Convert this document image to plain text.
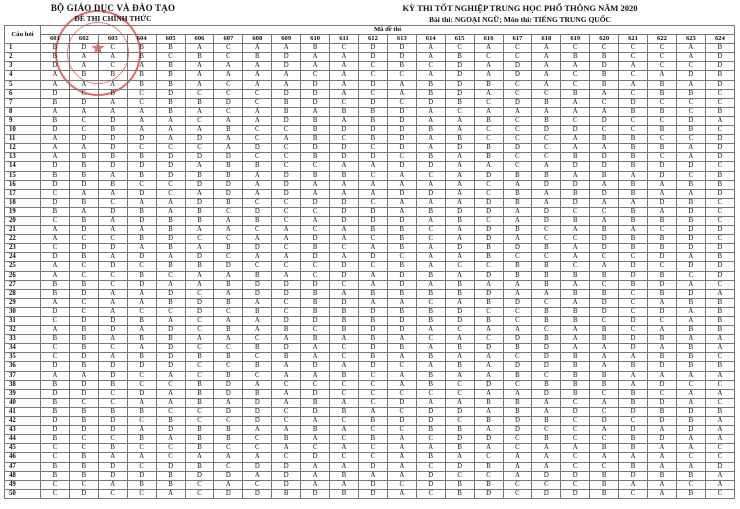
★
BỘ GIÁO DỤC VÀ ĐÀO TẠO
ĐỀ THI CHÍNH THỨC
KỲ THI TỐT NGHIỆP TRUNG HỌC PHỔ THÔNG NĂM 2020
Bài thi: NGOẠI NGỮ; Môn thi: TIẾNG TRUNG QUỐC
Câu hỏi	Mã đề thi																							
	601	602	603	604	605	606	607	608	609	610	611	612	613	614	615	616	617	618	619	620	621	622	623	624
1	B	D	C	B	B	A	C	A	A	B	C	D	D	A	C	A	C	A	C	C	C	C	A	B
2	B	A	A	B	C	B	C	B	D	A	A	D	D	A	B	C	C	A	B	B	C	C	A	D
3	D	A	C	A	B	A	A	A	D	A	A	C	B	C	D	A	D	A	A	D	A	C	C	D
4	A	B	B	B	B	A	A	A	A	C	A	C	C	A	D	A	D	A	C	B	C	A	D	B
5	A	A	A	B	B	A	C	A	A	D	A	D	A	B	D	B	C	A	C	B	A	B	A	D
6	D	C	B	C	D	C	C	C	D	D	A	C	A	B	D	A	C	C	B	A	C	B	B	C
7	B	D	A	C	B	B	D	C	B	D	C	D	C	D	B	C	D	B	A	C	D	C	C	C
8	A	A	A	A	B	A	C	A	B	A	B	B	D	A	C	A	A	A	A	A	B	B	C	B
9	B	C	D	A	A	C	A	A	D	B	A	B	D	A	A	B	C	B	C	D	C	C	D	A
10	D	C	B	A	A	A	B	C	C	B	D	D	D	B	A	C	C	D	D	C	C	B	B	C
11	A	D	D	D	A	D	A	C	A	B	C	B	D	A	B	C	C	C	A	B	B	C	C	D
12	A	A	D	C	C	C	A	D	C	D	D	C	D	A	D	B	D	C	A	A	B	B	A	D
13	A	B	B	B	D	D	D	C	C	B	D	D	C	B	A	B	C	C	B	D	B	C	A	D
14	D	B	D	D	D	A	B	B	C	C	A	A	D	D	A	A	C	A	D	D	B	D	D	C
15	B	B	A	B	D	B	B	A	D	B	B	C	A	C	A	D	B	B	A	B	A	D	C	B
16	D	D	B	C	C	D	D	A	D	A	A	A	A	A	A	C	A	D	D	A	B	A	B	B
17	C	A	A	D	C	A	D	A	D	A	A	A	D	D	A	C	B	A	B	D	B	A	A	D
18	D	B	C	A	A	D	B	C	C	D	D	C	A	A	A	D	B	A	D	A	A	D	B	C
19	B	A	D	B	A	B	C	D	C	C	D	D	A	B	D	D	A	D	C	C	B	A	D	C
20	C	B	A	D	B	B	A	B	C	A	D	D	D	A	B	C	A	D	B	A	B	B	B	C
21	A	D	A	A	B	A	A	C	A	C	A	B	B	C	A	D	B	C	A	B	A	C	D	D
22	A	C	C	B	D	C	C	A	A	D	A	C	B	C	A	D	A	C	C	D	B	B	D	C
23	C	D	D	A	B	A	B	D	C	B	C	A	B	A	D	B	D	B	A	D	B	B	D	D
24	D	B	A	D	A	D	C	A	A	D	A	D	C	A	A	B	C	C	A	C	C	D	A	B
25	A	C	D	C	B	B	D	C	C	C	D	C	B	A	C	C	B	B	C	A	D	C	D	D
26	A	C	C	B	C	A	A	B	A	C	D	A	D	B	A	D	B	B	B	B	D	B	C	D
27	B	B	C	D	A	A	B	D	D	D	C	A	D	A	B	A	A	B	A	C	B	D	A	C
28	B	D	A	A	D	C	A	D	D	B	A	B	B	B	B	D	A	A	B	B	C	B	D	A
29	A	C	A	A	B	D	B	A	C	B	D	A	A	C	A	B	D	C	A	D	C	A	B	B
30	D	C	A	C	C	D	C	B	C	B	B	D	B	B	D	C	C	B	B	D	C	D	A	B
31	C	D	D	B	A	C	A	A	D	D	B	B	D	B	D	B	C	B	B	C	D	C	A	B
32	A	B	D	A	D	C	B	A	B	C	B	D	D	A	C	A	A	C	A	B	C	A	B	B
33	B	B	A	B	B	A	A	C	A	B	A	B	A	C	A	C	D	B	A	B	D	B	A	A
34	C	B	C	A	D	C	C	B	D	A	C	D	B	A	B	D	B	D	A	A	D	A	B	A
35	C	D	A	B	D	B	B	C	B	A	C	B	A	B	A	A	C	D	B	A	A	B	B	C
36	D	B	D	D	D	C	C	B	A	D	A	D	C	A	B	A	D	D	B	A	B	D	B	B
37	A	A	D	C	A	C	B	C	A	A	B	C	A	B	A	A	B	C	B	B	A	A	A	A
38	B	D	B	C	C	B	D	A	C	C	C	C	A	B	C	D	C	B	B	B	A	D	C	C
39	D	D	C	D	A	B	D	B	A	D	C	C	C	C	C	A	A	D	B	C	B	C	A	A
40	B	C	C	A	A	B	A	D	A	B	A	C	D	A	A	B	B	A	C	A	B	D	A	C
41	B	B	B	B	C	C	D	D	C	D	B	A	C	D	D	A	B	A	D	C	D	B	D	B
42	D	B	D	C	B	C	C	D	C	A	C	B	D	D	C	B	D	B	C	D	C	D	B	A
43	D	D	D	A	D	B	B	A	A	B	A	C	C	B	B	A	D	C	C	A	D	A	D	A
44	B	C	C	B	A	B	B	C	B	A	C	B	A	C	D	D	C	B	C	C	B	D	A	A
45	C	C	B	C	C	B	C	C	A	C	A	C	A	A	B	A	C	A	A	B	B	A	A	C
46	C	B	A	A	C	A	A	A	C	D	C	C	A	B	A	C	A	A	C	A	A	A	C	C
47	B	B	D	C	D	B	C	D	D	A	A	D	A	C	D	B	A	A	C	C	B	A	A	D
48	B	B	D	D	B	D	D	A	D	A	B	A	A	D	C	C	A	D	D	B	D	B	B	A
49	C	C	A	B	B	C	A	C	D	A	A	D	C	D	B	B	C	C	C	B	A	A	C	A
50	C	D	C	C	A	C	D	D	B	D	B	D	A	C	B	D	C	D	D	B	C	A	B	C
